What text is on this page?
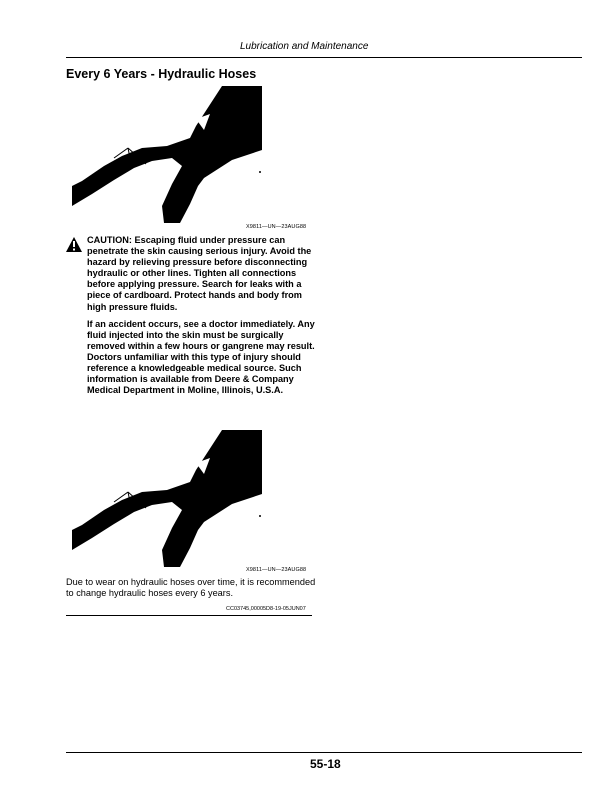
Lubrication and Maintenance
Every 6 Years - Hydraulic Hoses
X9811—UN—23AUG88

CAUTION: Escaping fluid under pressure can penetrate the skin causing serious injury. Avoid the hazard by relieving pressure before disconnecting hydraulic or other lines. Tighten all connections before applying pressure. Search for leaks with a piece of cardboard. Protect hands and body from high pressure fluids.

If an accident occurs, see a doctor immediately. Any fluid injected into the skin must be surgically removed within a few hours or gangrene may result. Doctors unfamiliar with this type of injury should reference a knowledgeable medical source. Such information is available from Deere & Company Medical Department in Moline, Illinois, U.S.A.

X9811—UN—23AUG88
Due to wear on hydraulic hoses over time, it is recommended to change hydraulic hoses every 6 years.
CC03745,00005D8-19-05JUN07
55-18
